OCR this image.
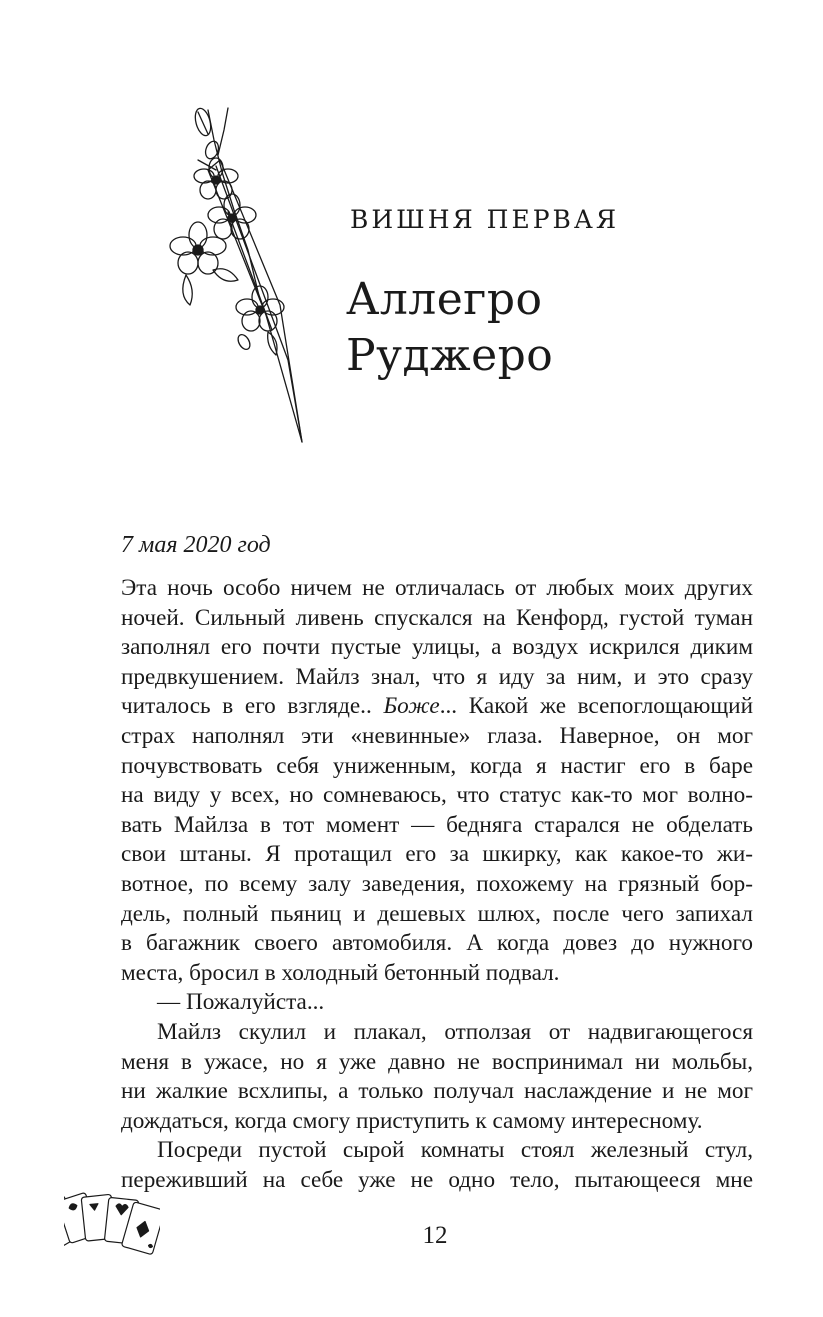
ВИШНЯ ПЕРВАЯ
Аллегро
Руджеро
7 мая 2020 год
Эта ночь особо ничем не отличалась от любых моих других
ночей. Сильный ливень спускался на Кенфорд, густой туман
заполнял его почти пустые улицы, а воздух искрился диким
предвкушением. Майлз знал, что я иду за ним, и это сразу
читалось в его взгляде.. Боже... Какой же всепоглощающий
страх наполнял эти «невинные» глаза. Наверное, он мог
почувствовать себя униженным, когда я настиг его в баре
на виду у всех, но сомневаюсь, что статус как-то мог волно-
вать Майлза в тот момент — бедняга старался не обделать
свои штаны. Я протащил его за шкирку, как какое-то жи-
вотное, по всему залу заведения, похожему на грязный бор-
дель, полный пьяниц и дешевых шлюх, после чего запихал
в багажник своего автомобиля. А когда довез до нужного
места, бросил в холодный бетонный подвал.
— Пожалуйста...
Майлз скулил и плакал, отползая от надвигающегося
меня в ужасе, но я уже давно не воспринимал ни мольбы,
ни жалкие всхлипы, а только получал наслаждение и не мог
дождаться, когда смогу приступить к самому интересному.
Посреди пустой сырой комнаты стоял железный стул,
переживший на себе уже не одно тело, пытающееся мне
12
